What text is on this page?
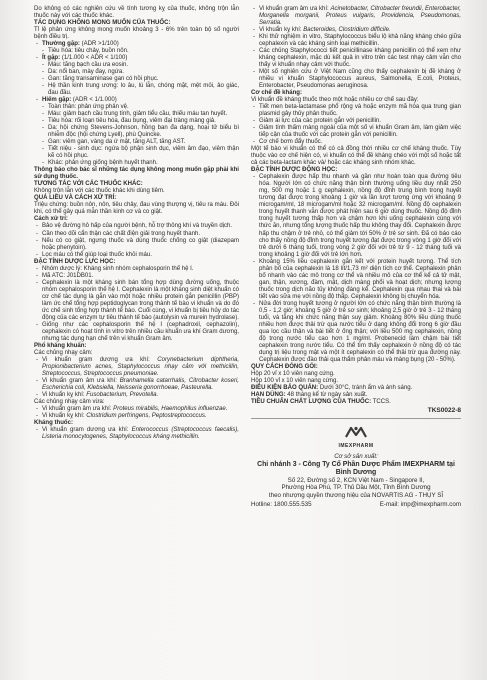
Do không có các nghiên cứu về tính tương kỵ của thuốc, không trộn lẫn thuốc này với các thuốc khác.

TÁC DỤNG KHÔNG MONG MUỐN CỦA THUỐC:

Tỉ lệ phản ứng không mong muốn khoảng 3 - 6% trên toàn bộ số người bệnh điều trị.

- Thường gặp: (ADR >1/100)

- Tiêu hóa: tiêu chảy, buồn nôn.

- Ít gặp: (1/1.000 < ADR < 1/100)

- Máu: tăng bạch cầu ưa eosin.

- Da: nổi ban, mày đay, ngứa.

- Gan: tăng transaminase gan có hồi phục.

- Hệ thần kinh trung ương: lo âu, lú lẫn, chóng mặt, mệt mỏi, ảo giác, đau đầu.

- Hiếm gặp: (ADR < 1/1.000)

- Toàn thân: phản ứng phản vệ.

- Máu: giảm bạch cầu trung tính, giảm tiểu cầu, thiếu máu tan huyết.

- Tiêu hóa: rối loạn tiêu hóa, đau bụng, viêm đại tràng màng giả.

- Da: hội chứng Stevens-Johnson, hồng ban đa dạng, hoại tử biểu bì nhiễm độc (hội chứng Lyell), phù Quincke.

- Gan: viêm gan, vàng da ứ mật, tăng ALT, tăng AST.

- Tiết niệu - sinh dục: ngứa bộ phận sinh dục, viêm âm đạo, viêm thận kẽ có hồi phục.

- Khác: phản ứng giống bệnh huyết thanh.

Thông báo cho bác sĩ những tác dụng không mong muốn gặp phải khi sử dụng thuốc.

TƯƠNG TÁC VỚI CÁC THUỐC KHÁC:

Không trộn lẫn với các thuốc khác khi dùng tiêm.

QUÁ LIỀU VÀ CÁCH XỬ TRÍ:

Triệu chứng: buồn nôn, nôn, tiêu chảy, đau vùng thượng vị, tiêu ra máu. Đôi khi, có thể gây quá mẫn thần kinh cơ và co giật.

Cách xử trí:

- Bảo vệ đường hô hấp của người bệnh, hỗ trợ thông khí và truyền dịch.

- Cần theo dõi cẩn thận các chất điện giải trong huyết thanh.

- Nếu có co giật, ngưng thuốc và dùng thuốc chống co giật (diazepam hoặc phenytoin).

- Lọc máu có thể giúp loại thuốc khỏi máu.

ĐẶC TÍNH DƯỢC LỰC HỌC:

- Nhóm dược lý: Kháng sinh nhóm cephalosporin thế hệ I.

- Mã ATC: J01DB01.

- Cephalexin là một kháng sinh bán tổng hợp dùng đường uống, thuộc nhóm cephalosporin thế hệ I. Cephalexin là một kháng sinh diệt khuẩn có cơ chế tác dụng là gắn vào một hoặc nhiều protein gắn penicillin (PBP) làm ức chế tổng hợp peptidoglycan trong thành tế bào vi khuẩn và do đó ức chế sinh tổng hợp thành tế bào. Cuối cùng, vi khuẩn bị tiêu hủy do tác động của các enzym tự tiêu thành tế bào (autolysin và murein hydrolase).

- Giống như các cephalosporin thế hệ I (cephadroxil, cephazolin), cephalexin có hoạt tính in vitro trên nhiều cầu khuẩn ưa khí Gram dương, nhưng tác dụng hạn chế trên vi khuẩn Gram âm.

Phổ kháng khuẩn:

Các chủng nhạy cảm:

- Vi khuẩn gram dương ưa khí: Corynebacterium diphtheria, Propionibacterium acnes, Staphylococcus nhạy cảm với methicillin, Streptococcus, Streptococcus pneumoniae.

- Vi khuẩn gram âm ưa khí: Branhamella catarrhalis, Citrobacter koseri, Escherichia coli, Klebsiella, Neisseria gonorrhoeae, Pasteurella.

- Vi khuẩn kỵ khí: Fusobacterium, Prevotella.

Các chủng nhạy cảm vừa:

- Vi khuẩn gram âm ưa khí: Proteus mirabilis, Haemophilus influenzae.

- Vi khuẩn kỵ khí: Clostridium perfringens, Peptostreptococcus.

Kháng thuốc:

- Vi khuẩn gram dương ưa khí: Enterococcus (Streptococcus faecalis), Listeria monocytogenes, Staphylococcus kháng methicillin.

- Vi khuẩn gram âm ưa khí: Acinetobacter, Citrobacter freundii, Enterobacter, Morganella morganii, Proteus vulgaris, Providencia, Pseudomonas, Serratia.

- Vi khuẩn kỵ khí: Bacteroides, Clostridium difficile.

- Khi thử nghiệm in vitro, Staphylococcus biểu lộ khả năng kháng chéo giữa cephalexin và các kháng sinh loại methicillin.

- Các chủng Staphylococci tiết penicillinase kháng penicillin có thể xem như kháng cephalexin, mặc dù kết quả in vitro trên các test nhạy cảm vẫn cho thấy vi khuẩn nhạy cảm với thuốc.

- Một số nghiên cứu ở Việt Nam cũng cho thấy cephalexin bị đề kháng ở nhiều vi khuẩn Staphylococcus aureus, Salmonella, E.coli, Proteus, Enterobacter, Pseudomonas aeruginosa.

Cơ chế đề kháng:

Vi khuẩn đề kháng thuốc theo một hoặc nhiều cơ chế sau đây:

- Tiết men beta-lactamase phổ rộng và hoặc enzym mã hóa qua trung gian plasmid gây thủy phân thuốc.

- Giảm ái lực của các protein gắn với penicillin.

- Giảm tính thấm màng ngoài của một số vi khuẩn Gram âm, làm giảm việc tiếp cận của thuốc với các protein gắn với penicillin.

- Cơ chế bơm đẩy thuốc.

Một tế bào vi khuẩn có thể có cả đồng thời nhiều cơ chế kháng thuốc. Tùy thuộc vào cơ chế hiện có, vi khuẩn có thể đề kháng chéo với một số hoặc tất cả các beta-lactam khác và/ hoặc các kháng sinh nhóm khác.

ĐẶC TÍNH DƯỢC ĐỘNG HỌC:

- Cephalexin được hấp thu nhanh và gần như hoàn toàn qua đường tiêu hóa. Người lớn có chức năng thận bình thường uống liều duy nhất 250 mg, 500 mg hoặc 1 g cephalexin, nồng độ đỉnh trung bình trong huyết tương đạt được trong khoảng 1 giờ và lần lượt tương ứng với khoảng 9 microgam/ml, 18 microgam/ml hoặc 32 microgam/ml. Nồng độ cephalexin trong huyết thanh vẫn được phát hiện sau 6 giờ dùng thuốc. Nồng độ đỉnh trong huyết tương thấp hơn và chậm hơn khi uống cephalexin cùng với thức ăn, nhưng tổng lượng thuốc hấp thu không thay đổi. Cephalexin được hấp thu chậm ở trẻ nhỏ, có thể giảm tới 50% ở trẻ sơ sinh. Đã có báo cáo cho thấy nồng độ đỉnh trong huyết tương đạt được trong vòng 1 giờ đối với trẻ dưới 6 tháng tuổi, trong vòng 2 giờ đối với trẻ từ 9 - 12 tháng tuổi và trong khoảng 1 giờ đối với trẻ lớn hơn.

- Khoảng 15% liều cephalexin gắn kết với protein huyết tương. Thể tích phân bố của cephalexin là 18 lít/1,73 m² diện tích cơ thể. Cephalexin phân bố nhanh vào các mô trong cơ thể và nhiều mô của cơ thể kể cả tử mật, gan, thận, xương, đàm, mật, dịch màng phổi và hoạt dịch; nhưng lượng thuốc trong dịch não tủy không đáng kể. Cephalexin qua nhau thai và bài tiết vào sữa mẹ với nồng độ thấp. Cephalexin không bị chuyển hóa.

- Nửa đời trong huyết tương ở người lớn có chức năng thận bình thường là 0,5 - 1,2 giờ; khoảng 5 giờ ở trẻ sơ sinh; khoảng 2,5 giờ ở trẻ 3 - 12 tháng tuổi, và tăng khi chức năng thận suy giảm. Khoảng 80% liều dùng thuốc nhiều hơn được thải trừ qua nước tiểu ở dạng không đổi trong 6 giờ đầu qua lọc cầu thận và bài tiết ở ống thận; với liều 500 mg cephalexin, nồng độ trong nước tiểu cao hơn 1 mg/ml. Probenecid làm chậm bài tiết cephalexin trong nước tiểu. Có thể tìm thấy cephalexin ở nồng độ có tác dụng trị liệu trong mật và một ít cephalexin có thể thải trừ qua đường này. Cephalexin được đào thải qua thẩm phân máu và màng bụng (20 - 50%).

QUY CÁCH ĐÓNG GÓI:

Hộp 20 vỉ x 10 viên nang cứng.

Hộp 100 vỉ x 10 viên nang cứng.

ĐIỀU KIỆN BẢO QUẢN: Dưới 30°C, tránh ẩm và ánh sáng.

HẠN DÙNG: 48 tháng kể từ ngày sản xuất.

TIÊU CHUẨN CHẤT LƯỢNG CỦA THUỐC: TCCS.

TKS0022-8

IMEXPHARM
Cơ sở sản xuất:
Chi nhánh 3 - Công Ty Cổ Phần Dược Phẩm IMEXPHARM tại Bình Dương
Số 22, Đường số 2, KCN Việt Nam - Singapore II,
Phường Hòa Phú, TP. Thủ Dầu Một, Tỉnh Bình Dương
theo nhượng quyền thương hiệu của NOVARTIS AG - THỤY SĨ
Hotline: 1800.555.535	E-mail: imp@imexpharm.com
